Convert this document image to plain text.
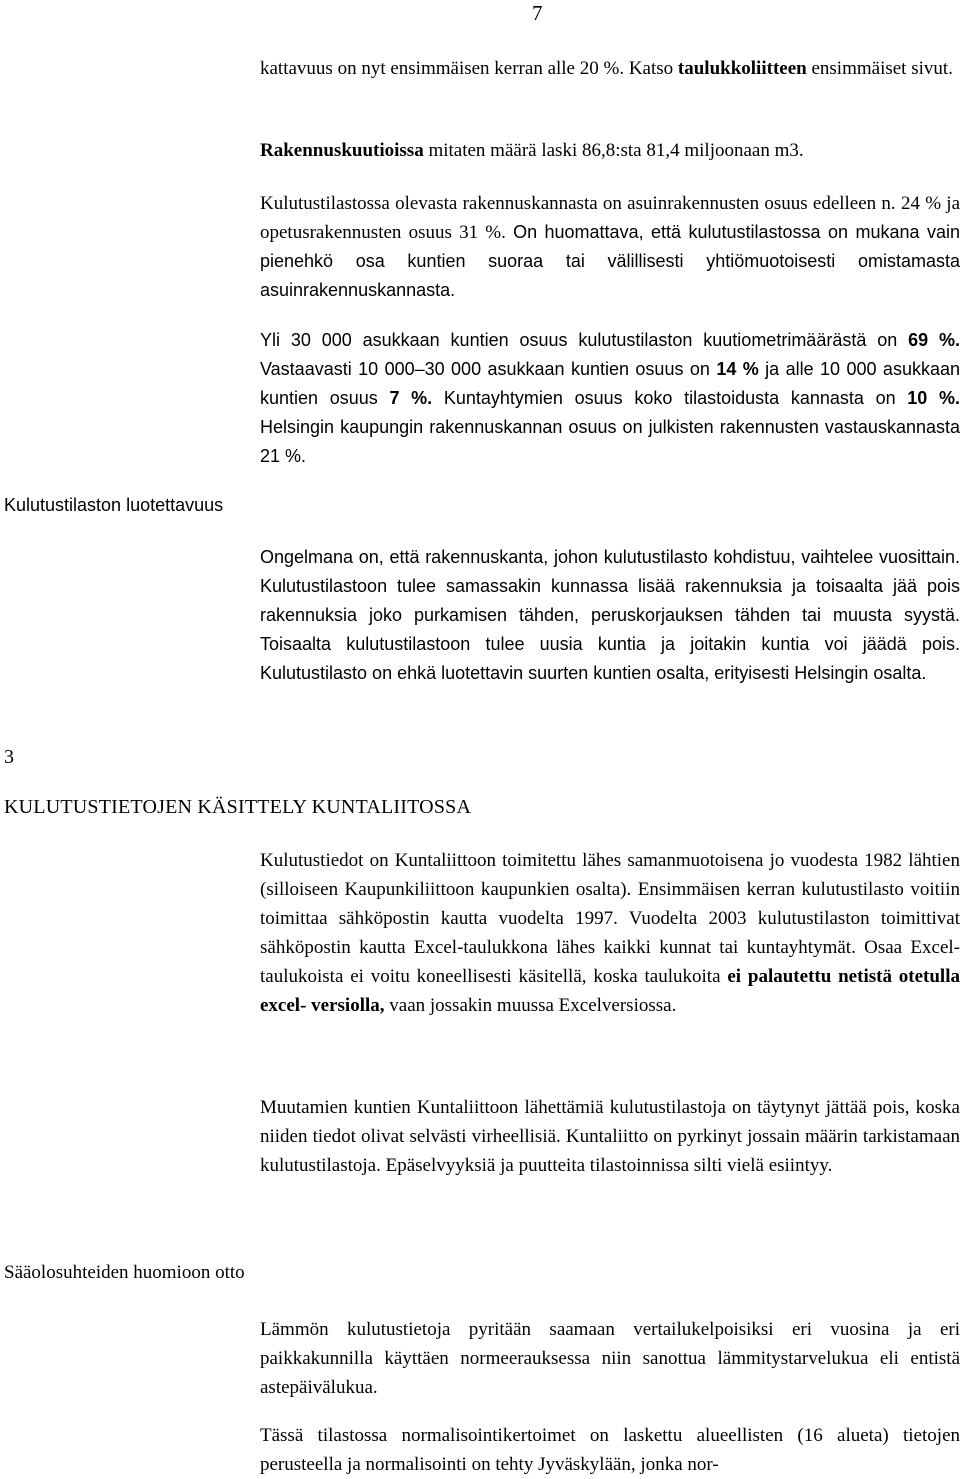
7
kattavuus on nyt ensimmäisen kerran alle 20 %. Katso taulukkoliitteen ensimmäiset sivut.
Rakennuskuutioissa mitaten määrä laski 86,8:sta 81,4 miljoonaan m3.
Kulutustilastossa olevasta rakennuskannasta on asuinrakennusten osuus edelleen n. 24 % ja opetusrakennusten osuus 31 %. On huomattava, että kulutustilastossa on mukana vain pienehkö osa kuntien suoraa tai välillisesti yhtiömuotoisesti omistamasta asuinrakennuskannasta.
Yli 30 000 asukkaan kuntien osuus kulutustilaston kuutiometrimäärästä on 69 %. Vastaavasti 10 000–30 000 asukkaan kuntien osuus on 14 % ja alle 10 000 asukkaan kuntien osuus 7 %. Kuntayhtymien osuus koko tilastoidusta kannasta on 10 %. Helsingin kaupungin rakennuskannan osuus on julkisten rakennusten vastauskannasta 21 %.
Kulutustilaston luotettavuus
Ongelmana on, että rakennuskanta, johon kulutustilasto kohdistuu, vaihtelee vuosittain. Kulutustilastoon tulee samassakin kunnassa lisää rakennuksia ja toisaalta jää pois rakennuksia joko purkamisen tähden, peruskorjauksen tähden tai muusta syystä. Toisaalta kulutustilastoon tulee uusia kuntia ja joitakin kuntia voi jäädä pois. Kulutustilasto on ehkä luotettavin suurten kuntien osalta, erityisesti Helsingin osalta.
3
KULUTUSTIETOJEN KÄSITTELY KUNTALIITOSSA
Kulutustiedot on Kuntaliittoon toimitettu lähes samanmuotoisena jo vuodesta 1982 lähtien (silloiseen Kaupunkiliittoon kaupunkien osalta). Ensimmäisen kerran kulutustilasto voitiin toimittaa sähköpostin kautta vuodelta 1997. Vuodelta 2003 kulutustilaston toimittivat sähköpostin kautta Excel-taulukkona lähes kaikki kunnat tai kuntayhtymät. Osaa Excel-taulukoista ei voitu koneellisesti käsitellä, koska taulukoita ei palautettu netistä otetulla excel- versiolla, vaan jossakin muussa Excelversiossa.
Muutamien kuntien Kuntaliittoon lähettämiä kulutustilastoja on täytynyt jättää pois, koska niiden tiedot olivat selvästi virheellisiä. Kuntaliitto on pyrkinyt jossain määrin tarkistamaan kulutustilastoja. Epäselvyyksiä ja puutteita tilastoinnissa silti vielä esiintyy.
Sääolosuhteiden huomioon otto
Lämmön kulutustietoja pyritään saamaan vertailukelpoisiksi eri vuosina ja eri paikkakunnilla käyttäen normeerauksessa niin sanottua lämmitystarvelukua eli entistä astepäivälukua.
Tässä tilastossa normalisointikertoimet on laskettu alueellisten (16 alueta) tietojen perusteella ja normalisointi on tehty Jyväskylään, jonka nor-
